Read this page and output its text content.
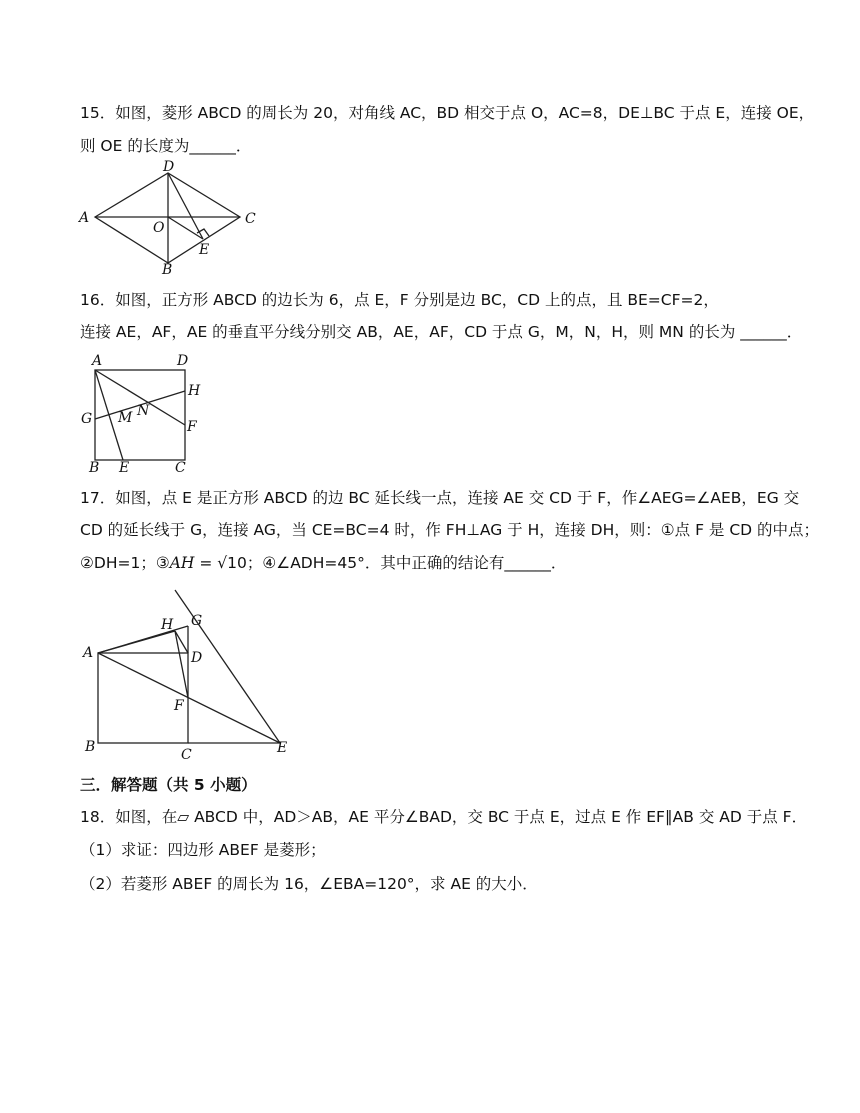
15．如图，菱形 ABCD 的周长为 20，对角线 AC，BD 相交于点 O，AC=8，DE⊥BC 于点 E，连接 OE，
则 OE 的长度为______．
A
D
C
B
O
E
16．如图，正方形 ABCD 的边长为 6，点 E，F 分别是边 BC，CD 上的点，且 BE=CF=2，
连接 AE，AF，AE 的垂直平分线分别交 AB，AE，AF，CD 于点 G，M，N，H，则 MN 的长为 ______．
A	D
H
G M N
F
B E	C
17．如图，点 E 是正方形 ABCD 的边 BC 延长线一点，连接 AE 交 CD 于 F，作∠AEG=∠AEB，EG 交
CD 的延长线于 G，连接 AG，当 CE=BC=4 时，作 FH⊥AG 于 H，连接 DH，则：①点 F 是 CD 的中点；
②DH=1；③AH = √10；④∠ADH=45°．其中正确的结论有______．
A
H G
D
F
B	C	E
三．解答题（共 5 小题）
18．如图，在▱ ABCD 中，AD＞AB，AE 平分∠BAD，交 BC 于点 E，过点 E 作 EF∥AB 交 AD 于点 F．
（1）求证：四边形 ABEF 是菱形；
（2）若菱形 ABEF 的周长为 16，∠EBA=120°，求 AE 的大小．
